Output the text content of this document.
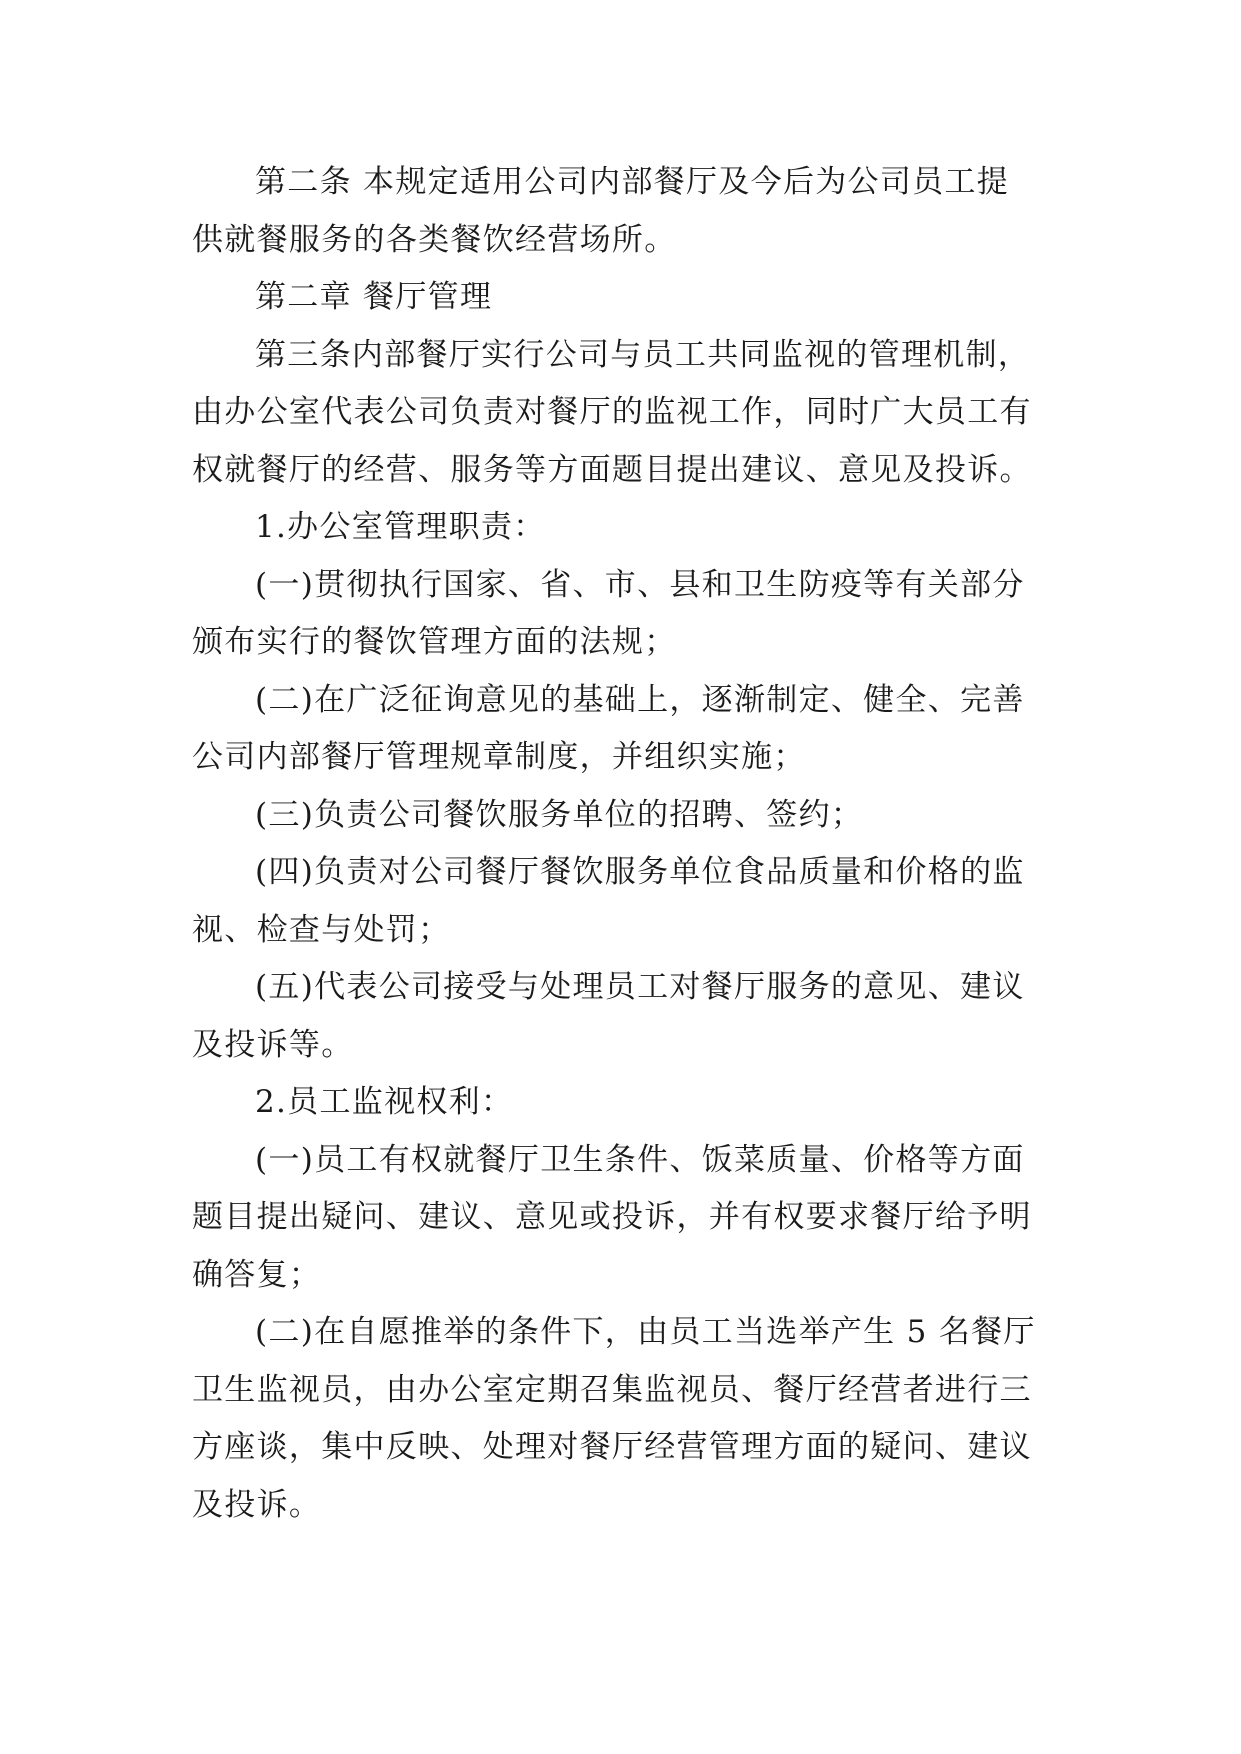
第二条 本规定适用公司内部餐厅及今后为公司员工提
供就餐服务的各类餐饮经营场所。
第二章 餐厅管理
第三条内部餐厅实行公司与员工共同监视的管理机制，
由办公室代表公司负责对餐厅的监视工作，同时广大员工有
权就餐厅的经营、服务等方面题目提出建议、意见及投诉。
1.办公室管理职责：
(一)贯彻执行国家、省、市、县和卫生防疫等有关部分
颁布实行的餐饮管理方面的法规；
(二)在广泛征询意见的基础上，逐渐制定、健全、完善
公司内部餐厅管理规章制度，并组织实施；
(三)负责公司餐饮服务单位的招聘、签约；
(四)负责对公司餐厅餐饮服务单位食品质量和价格的监
视、检查与处罚；
(五)代表公司接受与处理员工对餐厅服务的意见、建议
及投诉等。
2.员工监视权利：
(一)员工有权就餐厅卫生条件、饭菜质量、价格等方面
题目提出疑问、建议、意见或投诉，并有权要求餐厅给予明
确答复；
(二)在自愿推举的条件下，由员工当选举产生 5 名餐厅
卫生监视员，由办公室定期召集监视员、餐厅经营者进行三
方座谈，集中反映、处理对餐厅经营管理方面的疑问、建议
及投诉。
